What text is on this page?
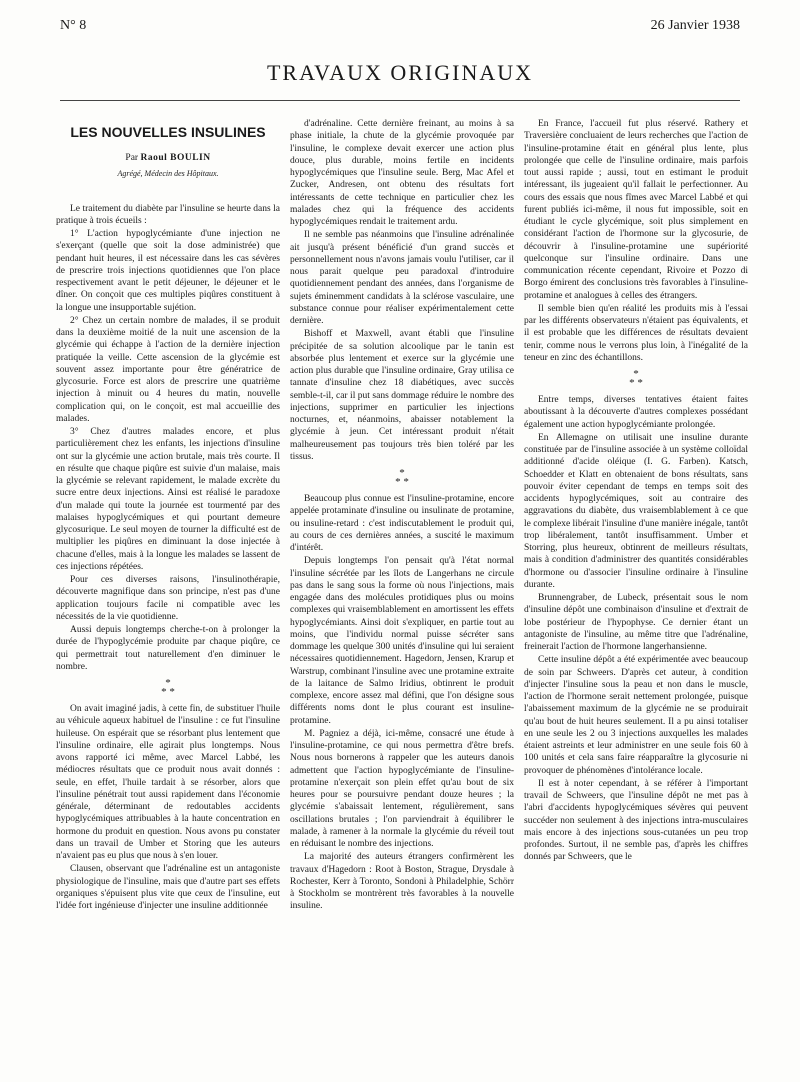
N° 8	26 Janvier 1938
TRAVAUX ORIGINAUX
LES NOUVELLES INSULINES
Par Raoul BOULIN
Agrégé, Médecin des Hôpitaux.

Le traitement du diabète par l'insuline se heurte dans la pratique à trois écueils :

1° L'action hypoglycémiante d'une injection ne s'exerçant (quelle que soit la dose administrée) que pendant huit heures, il est nécessaire dans les cas sévères de prescrire trois injections quotidiennes que l'on place respectivement avant le petit déjeuner, le déjeuner et le dîner. On conçoit que ces multiples piqûres constituent à la longue une insupportable sujétion.

2° Chez un certain nombre de malades, il se produit dans la deuxième moitié de la nuit une ascension de la glycémie qui échappe à l'action de la dernière injection pratiquée la veille. Cette ascension de la glycémie est souvent assez importante pour être génératrice de glycosurie. Force est alors de prescrire une quatrième injection à minuit ou 4 heures du matin, nouvelle complication qui, on le conçoit, est mal accueillie des malades.

3° Chez d'autres malades encore, et plus particulièrement chez les enfants, les injections d'insuline ont sur la glycémie une action brutale, mais très courte. Il en résulte que chaque piqûre est suivie d'un malaise, mais la glycémie se relevant rapidement, le malade excrète du sucre entre deux injections. Ainsi est réalisé le paradoxe d'un malade qui toute la journée est tourmenté par des malaises hypoglycémiques et qui pourtant demeure glycosurique. Le seul moyen de tourner la difficulté est de multiplier les piqûres en diminuant la dose injectée à chacune d'elles, mais à la longue les malades se lassent de ces injections répétées.

Pour ces diverses raisons, l'insulinothérapie, découverte magnifique dans son principe, n'est pas d'une application toujours facile ni compatible avec les nécessités de la vie quotidienne.

Aussi depuis longtemps cherche-t-on à prolonger la durée de l'hypoglycémie produite par chaque piqûre, ce qui permettrait tout naturellement d'en diminuer le nombre.

*
* *

On avait imaginé jadis, à cette fin, de substituer l'huile au véhicule aqueux habituel de l'insuline : ce fut l'insuline huileuse. On espérait que se résorbant plus lentement que l'insuline ordinaire, elle agirait plus longtemps. Nous avons rapporté ici même, avec Marcel Labbé, les médiocres résultats que ce produit nous avait donnés : seule, en effet, l'huile tardait à se résorber, alors que l'insuline pénétrait tout aussi rapidement dans l'économie générale, déterminant de redoutables accidents hypoglycémiques attribuables à la haute concentration en hormone du produit en question. Nous avons pu constater dans un travail de Umber et Storing que les auteurs n'avaient pas eu plus que nous à s'en louer.

Clausen, observant que l'adrénaline est un antagoniste physiologique de l'insuline, mais que d'autre part ses effets organiques s'épuisent plus vite que ceux de l'insuline, eut l'idée fort ingénieuse d'injecter une insuline additionnée

d'adrénaline. Cette dernière freinant, au moins à sa phase initiale, la chute de la glycémie provoquée par l'insuline, le complexe devait exercer une action plus douce, plus durable, moins fertile en incidents hypoglycémiques que l'insuline seule. Berg, Mac Afel et Zucker, Andresen, ont obtenu des résultats fort intéressants de cette technique en particulier chez les malades chez qui la fréquence des accidents hypoglycémiques rendait le traitement ardu.

Il ne semble pas néanmoins que l'insuline adrénalinée ait jusqu'à présent bénéficié d'un grand succès et personnellement nous n'avons jamais voulu l'utiliser, car il nous parait quelque peu paradoxal d'introduire quotidiennement pendant des années, dans l'organisme de sujets éminemment candidats à la sclérose vasculaire, une substance connue pour réaliser expérimentalement cette dernière.

Bishoff et Maxwell, avant établi que l'insuline précipitée de sa solution alcoolique par le tanin est absorbée plus lentement et exerce sur la glycémie une action plus durable que l'insuline ordinaire, Gray utilisa ce tannate d'insuline chez 18 diabétiques, avec succès semble-t-il, car il put sans dommage réduire le nombre des injections, supprimer en particulier les injections nocturnes, et, néanmoins, abaisser notablement la glycémie à jeun. Cet intéressant produit n'était malheureusement pas toujours très bien toléré par les tissus.

*
* *

Beaucoup plus connue est l'insuline-protamine, encore appelée protaminate d'insuline ou insulinate de protamine, ou insuline-retard : c'est indiscutablement le produit qui, au cours de ces dernières années, a suscité le maximum d'intérêt.

Depuis longtemps l'on pensait qu'à l'état normal l'insuline sécrétée par les îlots de Langerhans ne circule pas dans le sang sous la forme où nous l'injections, mais engagée dans des molécules protidiques plus ou moins complexes qui vraisemblablement en amortissent les effets hypoglycémiants. Ainsi doit s'expliquer, en partie tout au moins, que l'individu normal puisse sécréter sans dommage les quelque 300 unités d'insuline qui lui seraient nécessaires quotidiennement. Hagedorn, Jensen, Krarup et Warstrup, combinant l'insuline avec une protamine extraite de la laitance de Salmo Iridius, obtinrent le produit complexe, encore assez mal défini, que l'on désigne sous différents noms dont le plus courant est insuline-protamine.

M. Pagniez a déjà, ici-même, consacré une étude à l'insuline-protamine, ce qui nous permettra d'être brefs. Nous nous bornerons à rappeler que les auteurs danois admettent que l'action hypoglycémiante de l'insuline-protamine n'exerçait son plein effet qu'au bout de six heures pour se poursuivre pendant douze heures ; la glycémie s'abaissait lentement, régulièrement, sans oscillations brutales ; l'on parviendrait à équilibrer le malade, à ramener à la normale la glycémie du réveil tout en réduisant le nombre des injections.

La majorité des auteurs étrangers confirmèrent les travaux d'Hagedorn : Root à Boston, Strague, Drysdale à Rochester, Kerr à Toronto, Sondoni à Philadelphie, Schörr à Stockholm se montrèrent très favorables à la nouvelle insuline.

En France, l'accueil fut plus réservé. Rathery et Traversière concluaient de leurs recherches que l'action de l'insuline-protamine était en général plus lente, plus prolongée que celle de l'insuline ordinaire, mais parfois tout aussi rapide ; aussi, tout en estimant le produit intéressant, ils jugeaient qu'il fallait le perfectionner. Au cours des essais que nous fîmes avec Marcel Labbé et qui furent publiés ici-même, il nous fut impossible, soit en étudiant le cycle glycémique, soit plus simplement en considérant l'action de l'hormone sur la glycosurie, de découvrir à l'insuline-protamine une supériorité quelconque sur l'insuline ordinaire. Dans une communication récente cependant, Rivoire et Pozzo di Borgo émirent des conclusions très favorables à l'insuline-protamine et analogues à celles des étrangers.

Il semble bien qu'en réalité les produits mis à l'essai par les différents observateurs n'étaient pas équivalents, et il est probable que les différences de résultats devaient tenir, comme nous le verrons plus loin, à l'inégalité de la teneur en zinc des échantillons.

*
* *

Entre temps, diverses tentatives étaient faites aboutissant à la découverte d'autres complexes possédant également une action hypoglycémiante prolongée.

En Allemagne on utilisait une insuline durante constituée par de l'insuline associée à un système colloïdal additionné d'acide oléique (I. G. Farben). Katsch, Schoedder et Klatt en obtenaient de bons résultats, sans pouvoir éviter cependant de temps en temps soit des accidents hypoglycémiques, soit au contraire des aggravations du diabète, dus vraisemblablement à ce que le complexe libérait l'insuline d'une manière inégale, tantôt trop libéralement, tantôt insuffisamment. Umber et Storring, plus heureux, obtinrent de meilleurs résultats, mais à condition d'administrer des quantités considérables d'hormone ou d'associer l'insuline ordinaire à l'insuline durante.

Brunnengraber, de Lubeck, présentait sous le nom d'insuline dépôt une combinaison d'insuline et d'extrait de lobe postérieur de l'hypophyse. Ce dernier étant un antagoniste de l'insuline, au même titre que l'adrénaline, freinerait l'action de l'hormone langerhansienne.

Cette insuline dépôt a été expérimentée avec beaucoup de soin par Schweers. D'après cet auteur, à condition d'injecter l'insuline sous la peau et non dans le muscle, l'action de l'hormone serait nettement prolongée, puisque l'abaissement maximum de la glycémie ne se produirait qu'au bout de huit heures seulement. Il a pu ainsi totaliser en une seule les 2 ou 3 injections auxquelles les malades étaient astreints et leur administrer en une seule fois 60 à 100 unités et cela sans faire réapparaître la glycosurie ni provoquer de phénomènes d'intolérance locale.

Il est à noter cependant, à se référer à l'important travail de Schweers, que l'insuline dépôt ne met pas à l'abri d'accidents hypoglycémiques sévères qui peuvent succéder non seulement à des injections intra-musculaires mais encore à des injections sous-cutanées un peu trop profondes. Surtout, il ne semble pas, d'après les chiffres donnés par Schweers, que le
